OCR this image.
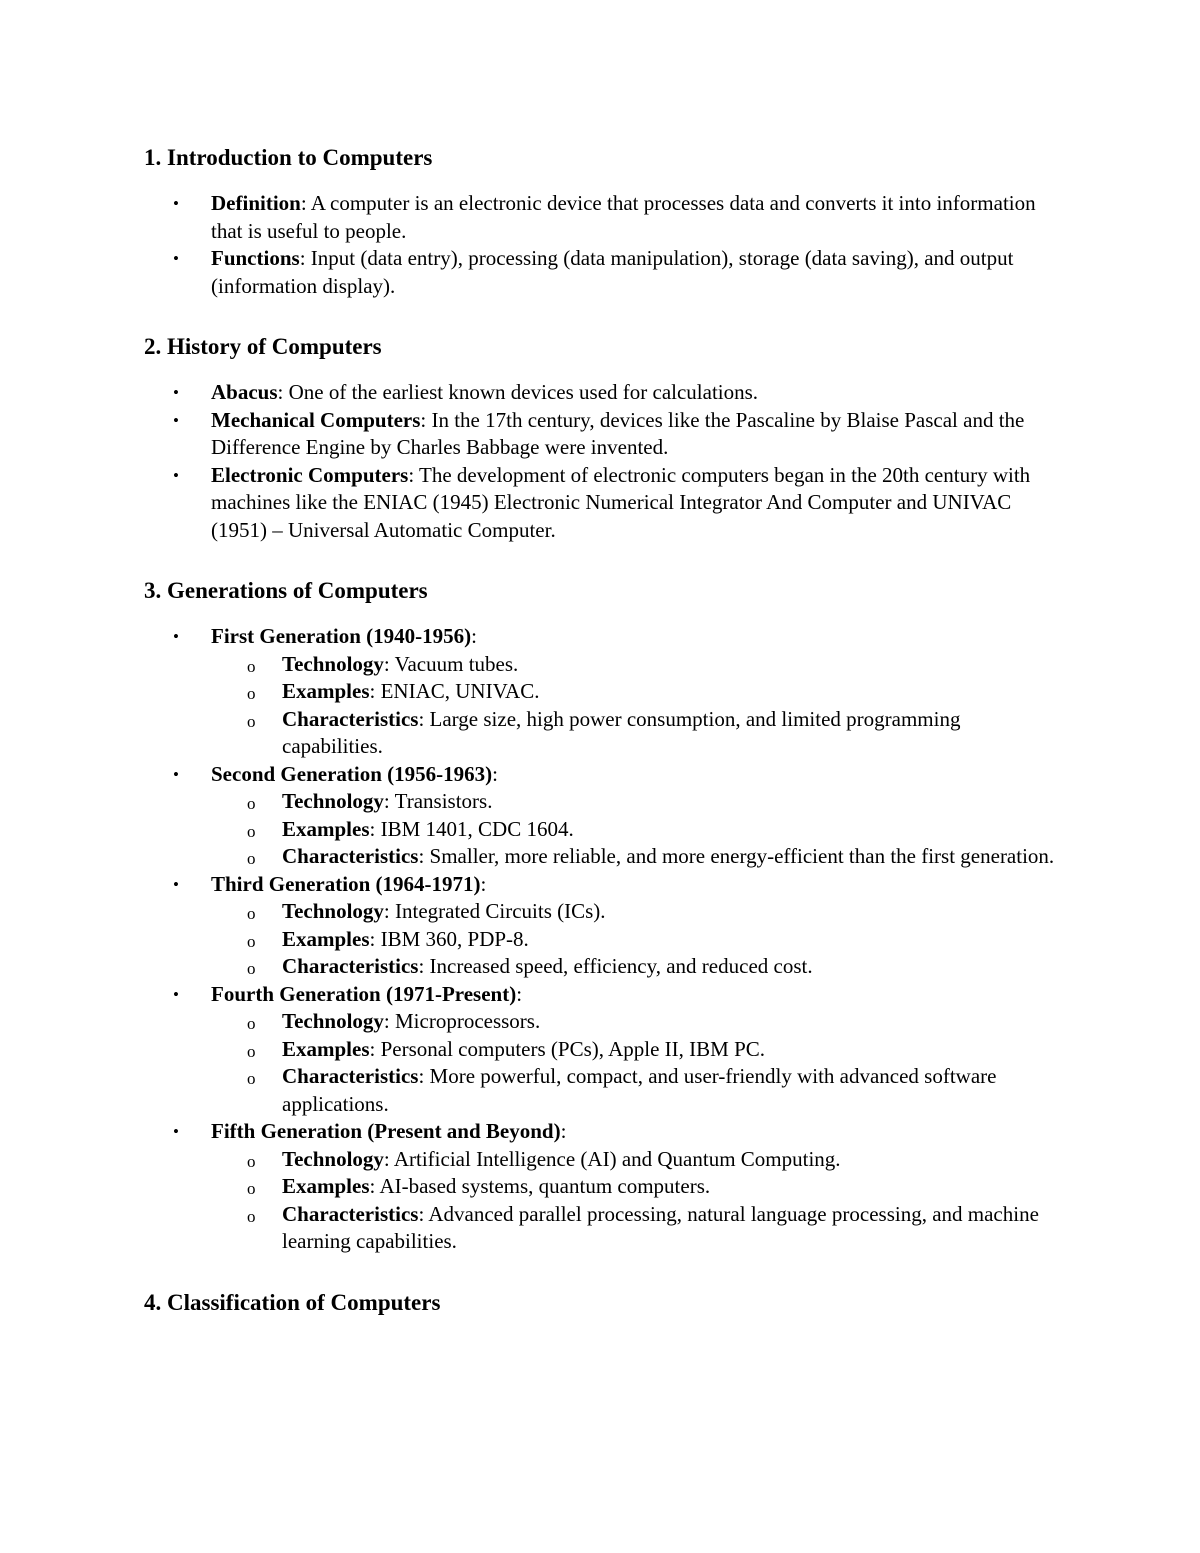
1. Introduction to Computers
• Definition: A computer is an electronic device that processes data and converts it into information that is useful to people.
• Functions: Input (data entry), processing (data manipulation), storage (data saving), and output (information display).
2. History of Computers
• Abacus: One of the earliest known devices used for calculations.
• Mechanical Computers: In the 17th century, devices like the Pascaline by Blaise Pascal and the Difference Engine by Charles Babbage were invented.
• Electronic Computers: The development of electronic computers began in the 20th century with machines like the ENIAC (1945) Electronic Numerical Integrator And Computer and UNIVAC (1951) – Universal Automatic Computer.
3. Generations of Computers
• First Generation (1940-1956):
o Technology: Vacuum tubes.
o Examples: ENIAC, UNIVAC.
o Characteristics: Large size, high power consumption, and limited programming capabilities.
• Second Generation (1956-1963):
o Technology: Transistors.
o Examples: IBM 1401, CDC 1604.
o Characteristics: Smaller, more reliable, and more energy-efficient than the first generation.
• Third Generation (1964-1971):
o Technology: Integrated Circuits (ICs).
o Examples: IBM 360, PDP-8.
o Characteristics: Increased speed, efficiency, and reduced cost.
• Fourth Generation (1971-Present):
o Technology: Microprocessors.
o Examples: Personal computers (PCs), Apple II, IBM PC.
o Characteristics: More powerful, compact, and user-friendly with advanced software applications.
• Fifth Generation (Present and Beyond):
o Technology: Artificial Intelligence (AI) and Quantum Computing.
o Examples: AI-based systems, quantum computers.
o Characteristics: Advanced parallel processing, natural language processing, and machine learning capabilities.
4. Classification of Computers
